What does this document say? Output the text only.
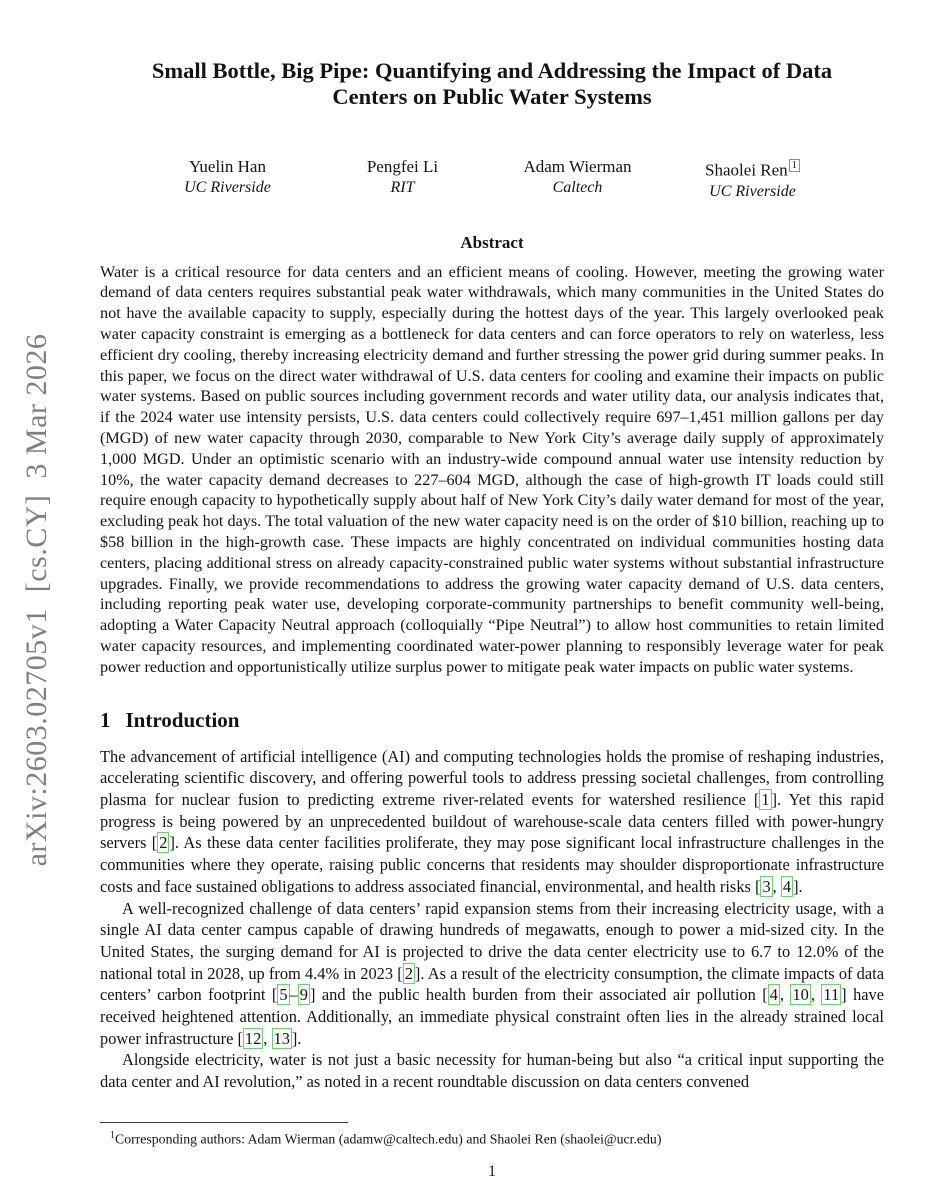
arXiv:2603.02705v1  [cs.CY]  3 Mar 2026
Small Bottle, Big Pipe: Quantifying and Addressing the Impact of Data
Centers on Public Water Systems
Yuelin Han
UC Riverside
Pengfei Li
RIT
Adam Wierman
Caltech
Shaolei Ren $^1$
UC Riverside
Abstract
Water is a critical resource for data centers and an efficient means of cooling. However, meeting the growing water demand of data centers requires substantial peak water withdrawals, which many communities in the United States do not have the available capacity to supply, especially during the hottest days of the year. This largely overlooked peak water capacity constraint is emerging as a bottleneck for data centers and can force operators to rely on waterless, less efficient dry cooling, thereby increasing electricity demand and further stressing the power grid during summer peaks. In this paper, we focus on the direct water withdrawal of U.S. data centers for cooling and examine their impacts on public water systems. Based on public sources including government records and water utility data, our analysis indicates that, if the 2024 water use intensity persists, U.S. data centers could collectively require 697–1,451 million gallons per day (MGD) of new water capacity through 2030, comparable to New York City’s average daily supply of approximately 1,000 MGD. Under an optimistic scenario with an industry-wide compound annual water use intensity reduction by 10%, the water capacity demand decreases to 227–604 MGD, although the case of high-growth IT loads could still require enough capacity to hypothetically supply about half of New York City’s daily water demand for most of the year, excluding peak hot days. The total valuation of the new water capacity need is on the order of $10 billion, reaching up to $58 billion in the high-growth case. These impacts are highly concentrated on individual communities hosting data centers, placing additional stress on already capacity-constrained public water systems without substantial infrastructure upgrades. Finally, we provide recommendations to address the growing water capacity demand of U.S. data centers, including reporting peak water use, developing corporate-community partnerships to benefit community well-being, adopting a Water Capacity Neutral approach (colloquially “Pipe Neutral”) to allow host communities to retain limited water capacity resources, and implementing coordinated water-power planning to responsibly leverage water for peak power reduction and opportunistically utilize surplus power to mitigate peak water impacts on public water systems.
1 Introduction

The advancement of artificial intelligence (AI) and computing technologies holds the promise of reshaping industries, accelerating scientific discovery, and offering powerful tools to address pressing societal challenges, from controlling plasma for nuclear fusion to predicting extreme river-related events for watershed resilience [ 1 ]. Yet this rapid progress is being powered by an unprecedented buildout of warehouse-scale data centers filled with power-hungry servers [ 2 ]. As these data center facilities proliferate, they may pose significant local infrastructure challenges in the communities where they operate, raising public concerns that residents may shoulder disproportionate infrastructure costs and face sustained obligations to address associated financial, environmental, and health risks [ 3 , 4 ].

A well-recognized challenge of data centers’ rapid expansion stems from their increasing electricity usage, with a single AI data center campus capable of drawing hundreds of megawatts, enough to power a mid-sized city. In the United States, the surging demand for AI is projected to drive the data center electricity use to 6.7 to 12.0% of the national total in 2028, up from 4.4% in 2023 [ 2 ]. As a result of the electricity consumption, the climate impacts of data centers’ carbon footprint [ 5 – 9 ] and the public health burden from their associated air pollution [ 4 , 10 , 11 ] have received heightened attention. Additionally, an immediate physical constraint often lies in the already strained local power infrastructure [ 12 , 13 ].

Alongside electricity, water is not just a basic necessity for human-being but also “a critical input supporting the data center and AI revolution,” as noted in a recent roundtable discussion on data centers convened

$^1$Corresponding authors: Adam Wierman (adamw@caltech.edu) and Shaolei Ren (shaolei@ucr.edu)
1
